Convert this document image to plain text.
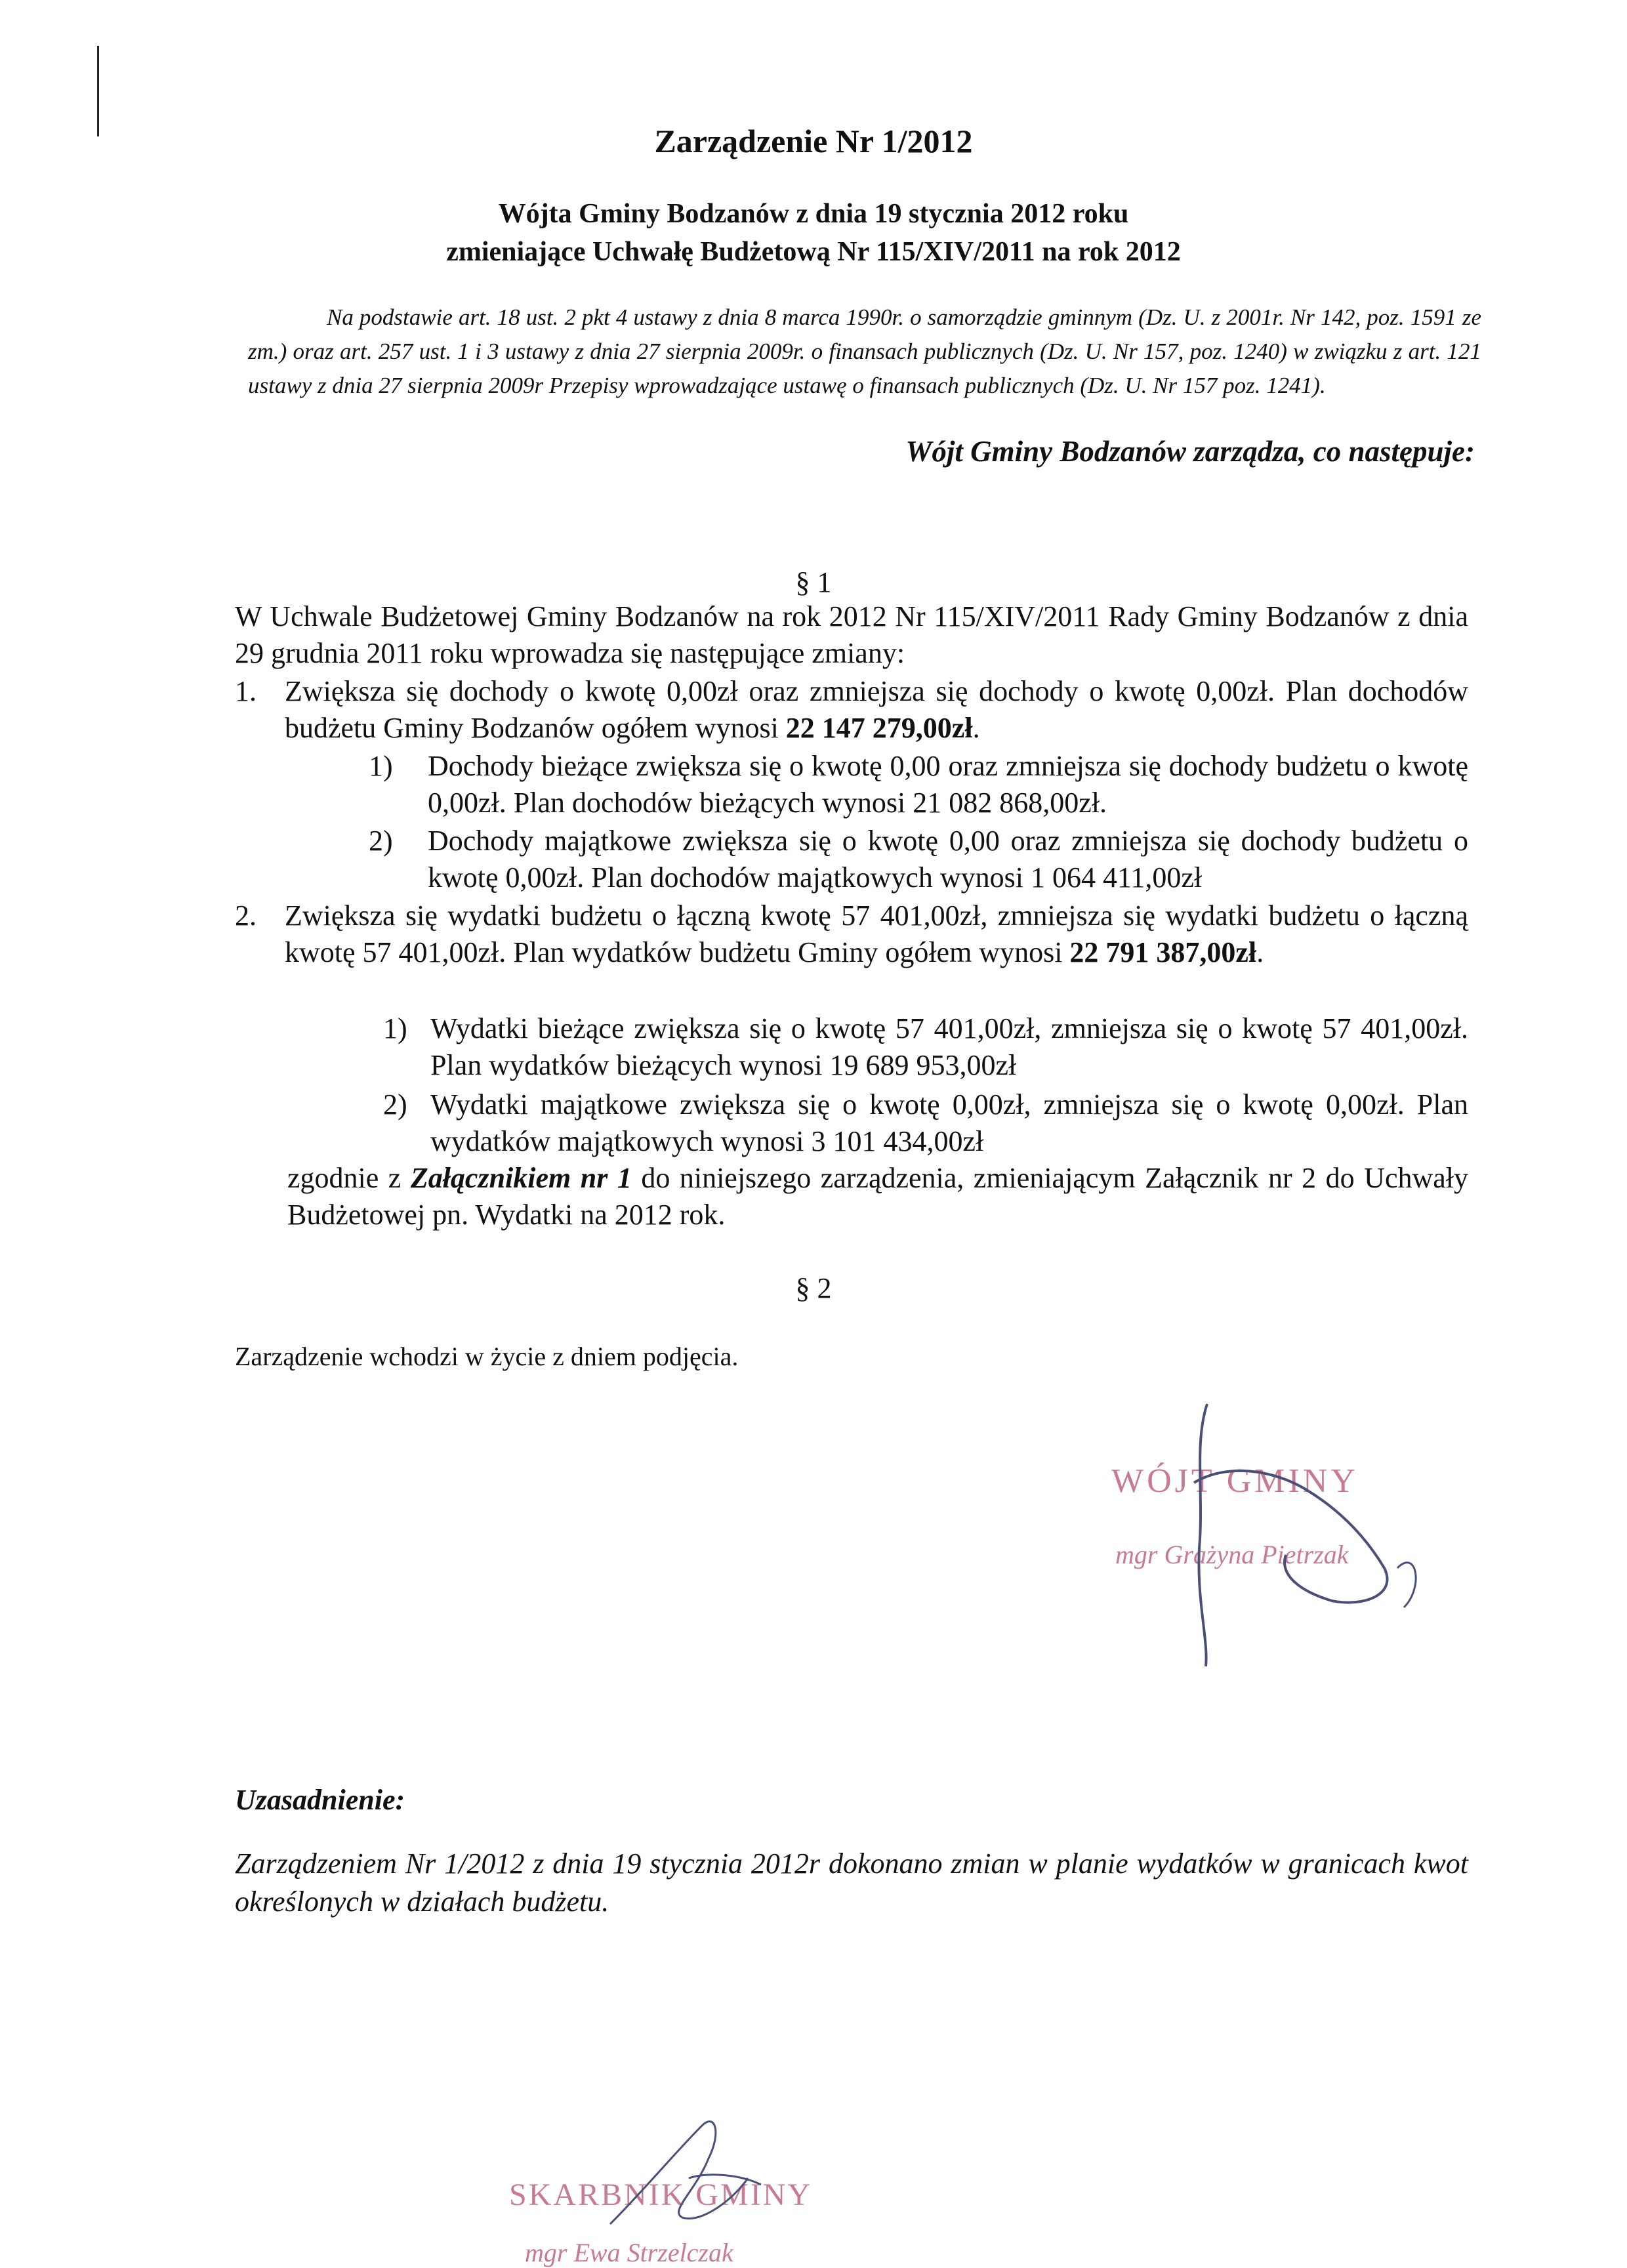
Zarządzenie Nr 1/2012
Wójta Gminy Bodzanów z dnia 19 stycznia 2012 roku
zmieniające Uchwałę Budżetową Nr 115/XIV/2011 na rok 2012
Na podstawie art. 18 ust. 2 pkt 4 ustawy z dnia 8 marca 1990r. o samorządzie gminnym (Dz. U. z 2001r. Nr 142, poz. 1591 ze zm.) oraz art. 257 ust. 1 i 3 ustawy z dnia 27 sierpnia 2009r. o finansach publicznych (Dz. U. Nr 157, poz. 1240) w związku z art. 121 ustawy z dnia 27 sierpnia 2009r Przepisy wprowadzające ustawę o finansach publicznych (Dz. U. Nr 157 poz. 1241).
Wójt Gminy Bodzanów zarządza, co następuje:
§ 1
W Uchwale Budżetowej Gminy Bodzanów na rok 2012 Nr 115/XIV/2011 Rady Gminy Bodzanów z dnia 29 grudnia 2011 roku wprowadza się następujące zmiany:
1. Zwiększa się dochody o kwotę 0,00zł oraz zmniejsza się dochody o kwotę 0,00zł. Plan dochodów budżetu Gminy Bodzanów ogółem wynosi 22 147 279,00zł.
1) Dochody bieżące zwiększa się o kwotę 0,00 oraz zmniejsza się dochody budżetu o kwotę 0,00zł. Plan dochodów bieżących wynosi 21 082 868,00zł.
2) Dochody majątkowe zwiększa się o kwotę 0,00 oraz zmniejsza się dochody budżetu o kwotę 0,00zł. Plan dochodów majątkowych wynosi 1 064 411,00zł
2. Zwiększa się wydatki budżetu o łączną kwotę 57 401,00zł, zmniejsza się wydatki budżetu o łączną kwotę 57 401,00zł. Plan wydatków budżetu Gminy ogółem wynosi 22 791 387,00zł.
1) Wydatki bieżące zwiększa się o kwotę 57 401,00zł, zmniejsza się o kwotę 57 401,00zł. Plan wydatków bieżących wynosi 19 689 953,00zł
2) Wydatki majątkowe zwiększa się o kwotę 0,00zł, zmniejsza się o kwotę 0,00zł. Plan wydatków majątkowych wynosi 3 101 434,00zł
zgodnie z Załącznikiem nr 1 do niniejszego zarządzenia, zmieniającym Załącznik nr 2 do Uchwały Budżetowej pn. Wydatki na 2012 rok.
§ 2
Zarządzenie wchodzi w życie z dniem podjęcia.
WÓJT GMINY
mgr Grażyna Pietrzak
Uzasadnienie:
Zarządzeniem Nr 1/2012 z dnia 19 stycznia 2012r dokonano zmian w planie wydatków w granicach kwot określonych w działach budżetu.
SKARBNIK GMINY
mgr Ewa Strzelczak
